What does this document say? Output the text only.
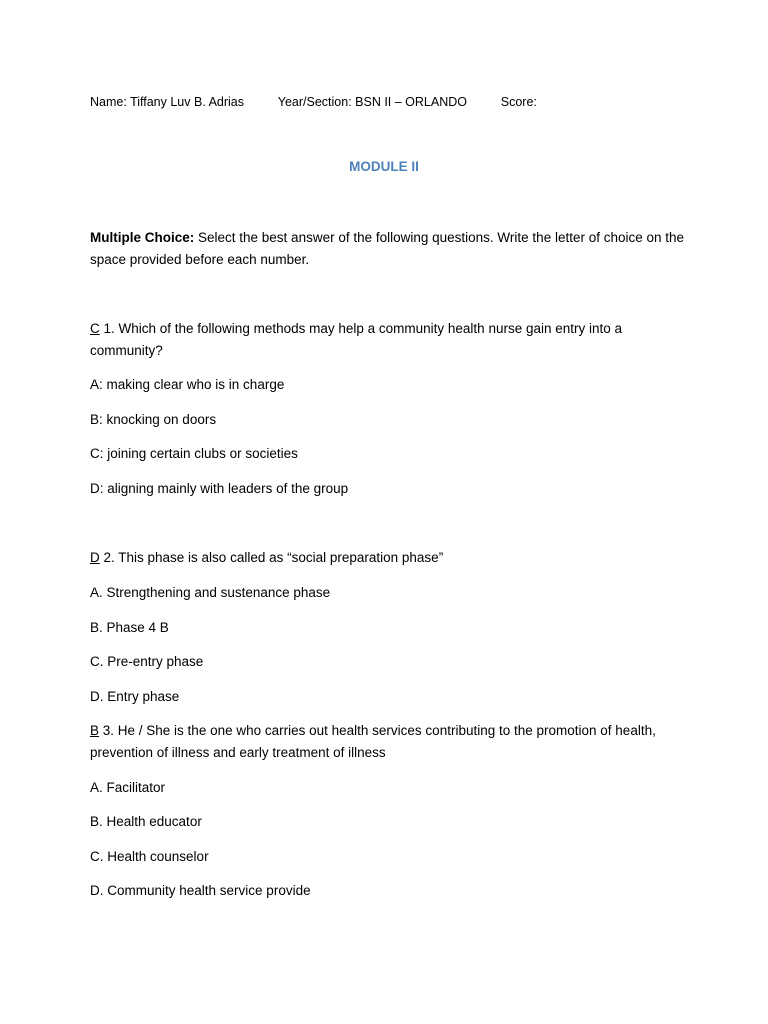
Name: Tiffany Luv B. Adrias	Year/Section: BSN II – ORLANDO	Score:
MODULE II
Multiple Choice: Select the best answer of the following questions. Write the letter of choice on the space provided before each number.
C 1. Which of the following methods may help a community health nurse gain entry into a community?
A: making clear who is in charge
B: knocking on doors
C: joining certain clubs or societies
D: aligning mainly with leaders of the group
D 2. This phase is also called as “social preparation phase”
A. Strengthening and sustenance phase
B. Phase 4 B
C. Pre-entry phase
D. Entry phase
B 3. He / She is the one who carries out health services contributing to the promotion of health, prevention of illness and early treatment of illness
A. Facilitator
B. Health educator
C. Health counselor
D. Community health service provide
